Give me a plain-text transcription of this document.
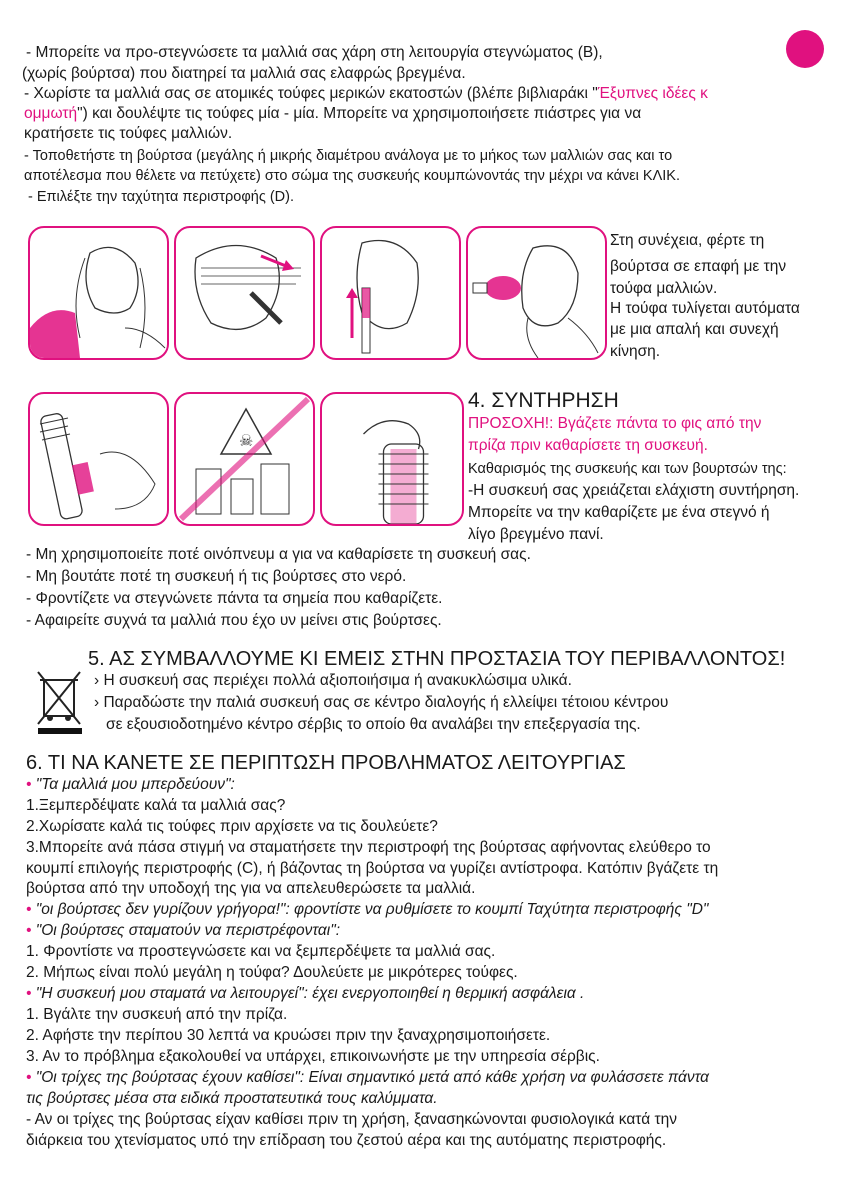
- Μπορείτε να προ-στεγνώσετε τα μαλλιά σας χάρη στη λειτουργία στεγνώματος (B),
(χωρίς βούρτσα) που διατηρεί τα μαλλιά σας ελαφρώς βρεγμένα.
- Χωρίστε τα μαλλιά σας σε ατομικές τούφες μερικών εκατοστών (βλέπε βιβλιαράκι "Έξυπνες ιδέες κ
ομμωτή") και δουλέψτε τις τούφες μία - μία. Μπορείτε να χρησιμοποιήσετε πιάστρες για να
κρατήσετε τις τούφες μαλλιών.
- Τοποθετήστε τη βούρτσα (μεγάλης ή μικρής διαμέτρου ανάλογα με το μήκος των μαλλιών σας και το
αποτέλεσμα που θέλετε να πετύχετε) στο σώμα της συσκευής κουμπώνοντάς την μέχρι να κάνει ΚΛΙΚ.
- Επιλέξτε την ταχύτητα περιστροφής (D).
Στη συνέχεια, φέρτε τη
βούρτσα σε επαφή με την
τούφα μαλλιών.
Η τούφα τυλίγεται αυτόματα
με μια απαλή και συνεχή
κίνηση.
☠
4. ΣΥΝΤΗΡΗΣΗ
ΠΡΟΣΟΧΗ!: Βγάζετε πάντα το φις από την
πρίζα πριν καθαρίσετε τη συσκευή.
Καθαρισμός της συσκευής και των βουρτσών της:
-Η συσκευή σας χρειάζεται ελάχιστη συντήρηση.
Μπορείτε να την καθαρίζετε με ένα στεγνό ή
λίγο βρεγμένο πανί.
- Μη χρησιμοποιείτε ποτέ οινόπνευμ α για να καθαρίσετε τη συσκευή σας.
- Μη βουτάτε ποτέ τη συσκευή ή τις βούρτσες στο νερό.
- Φροντίζετε να στεγνώνετε πάντα τα σημεία που καθαρίζετε.
- Αφαιρείτε συχνά τα μαλλιά που έχο υν μείνει στις βούρτσες.
5. ΑΣ ΣΥΜΒΑΛΛΟΥΜΕ ΚΙ ΕΜΕΙΣ ΣΤΗΝ ΠΡΟΣΤΑΣΙΑ ΤΟΥ ΠΕΡΙΒΑΛΛΟΝΤΟΣ!
› Η συσκευή σας περιέχει πολλά αξιοποιήσιμα ή ανακυκλώσιμα υλικά.
› Παραδώστε την παλιά συσκευή σας σε κέντρο διαλογής ή ελλείψει τέτοιου κέντρου
σε εξουσιοδοτημένο κέντρο σέρβις το οποίο θα αναλάβει την επεξεργασία της.
6. ΤΙ ΝΑ ΚΑΝΕΤΕ ΣΕ ΠΕΡΙΠΤΩΣΗ ΠΡΟΒΛΗΜΑΤΟΣ ΛΕΙΤΟΥΡΓΙΑΣ
• "Τα μαλλιά μου μπερδεύουν":
1.Ξεμπερδέψατε καλά τα μαλλιά σας?
2.Χωρίσατε καλά τις τούφες πριν αρχίσετε να τις δουλεύετε?
3.Μπορείτε ανά πάσα στιγμή να σταματήσετε την περιστροφή της βούρτσας αφήνοντας ελεύθερο το
κουμπί επιλογής περιστροφής (C), ή βάζοντας τη βούρτσα να γυρίζει αντίστροφα. Κατόπιν βγάζετε τη
βούρτσα από την υποδοχή της για να απελευθερώσετε τα μαλλιά.
• "οι βούρτσες δεν γυρίζουν γρήγορα!": φροντίστε να ρυθμίσετε το κουμπί Ταχύτητα περιστροφής "D"
• "Οι βούρτσες σταματούν να περιστρέφονται":
1. Φροντίστε να προστεγνώσετε και να ξεμπερδέψετε τα μαλλιά σας.
2. Μήπως είναι πολύ μεγάλη η τούφα? Δουλεύετε με μικρότερες τούφες.
• "Η συσκευή μου σταματά να λειτουργεί": έχει ενεργοποιηθεί η θερμική ασφάλεια .
1. Βγάλτε την συσκευή από την πρίζα.
2. Αφήστε την περίπου 30 λεπτά να κρυώσει πριν την ξαναχρησιμοποιήσετε.
3. Αν το πρόβλημα εξακολουθεί να υπάρχει, επικοινωνήστε με την υπηρεσία σέρβις.
• "Οι τρίχες της βούρτσας έχουν καθίσει": Είναι σημαντικό μετά από κάθε χρήση να φυλάσσετε πάντα
τις βούρτσες μέσα στα ειδικά προστατευτικά τους καλύμματα.
- Αν οι τρίχες της βούρτσας είχαν καθίσει πριν τη χρήση, ξανασηκώνονται φυσιολογικά κατά την
διάρκεια του χτενίσματος υπό την επίδραση του ζεστού αέρα και της αυτόματης περιστροφής.
